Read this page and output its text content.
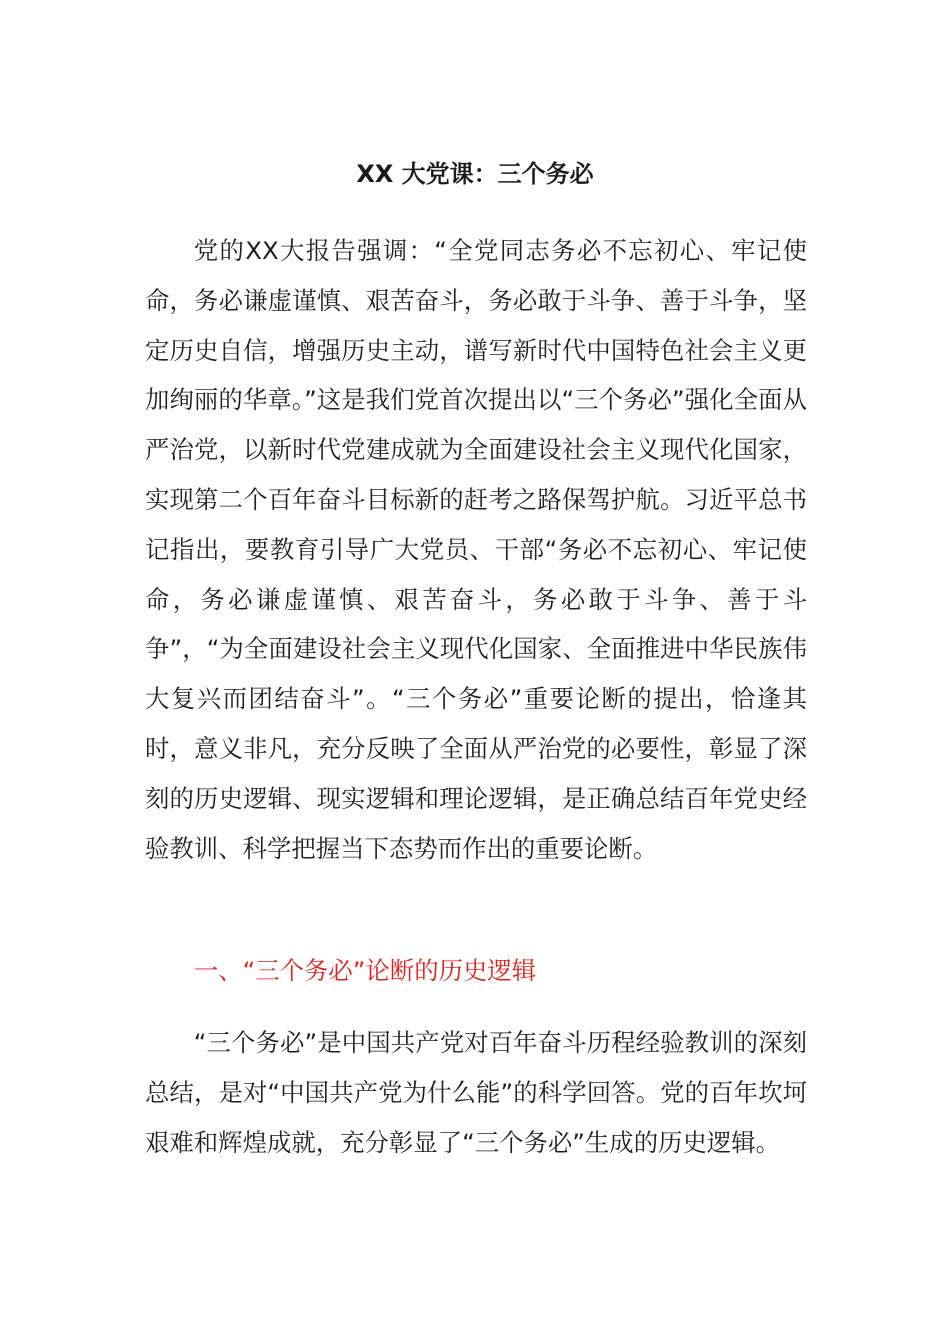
XX 大党课：三个务必

党的XX大报告强调：“全党同志务必不忘初心、牢记使命，务必谦虚谨慎、艰苦奋斗，务必敢于斗争、善于斗争，坚定历史自信，增强历史主动，谱写新时代中国特色社会主义更加绚丽的华章。”这是我们党首次提出以“三个务必”强化全面从严治党，以新时代党建成就为全面建设社会主义现代化国家，实现第二个百年奋斗目标新的赶考之路保驾护航。习近平总书记指出，要教育引导广大党员、干部“务必不忘初心、牢记使命，务必谦虚谨慎、艰苦奋斗，务必敢于斗争、善于斗争”，“为全面建设社会主义现代化国家、全面推进中华民族伟大复兴而团结奋斗”。“三个务必”重要论断的提出，恰逢其时，意义非凡，充分反映了全面从严治党的必要性，彰显了深刻的历史逻辑、现实逻辑和理论逻辑，是正确总结百年党史经验教训、科学把握当下态势而作出的重要论断。

一、“三个务必”论断的历史逻辑

“三个务必”是中国共产党对百年奋斗历程经验教训的深刻总结，是对“中国共产党为什么能”的科学回答。党的百年坎坷艰难和辉煌成就，充分彰显了“三个务必”生成的历史逻辑。
